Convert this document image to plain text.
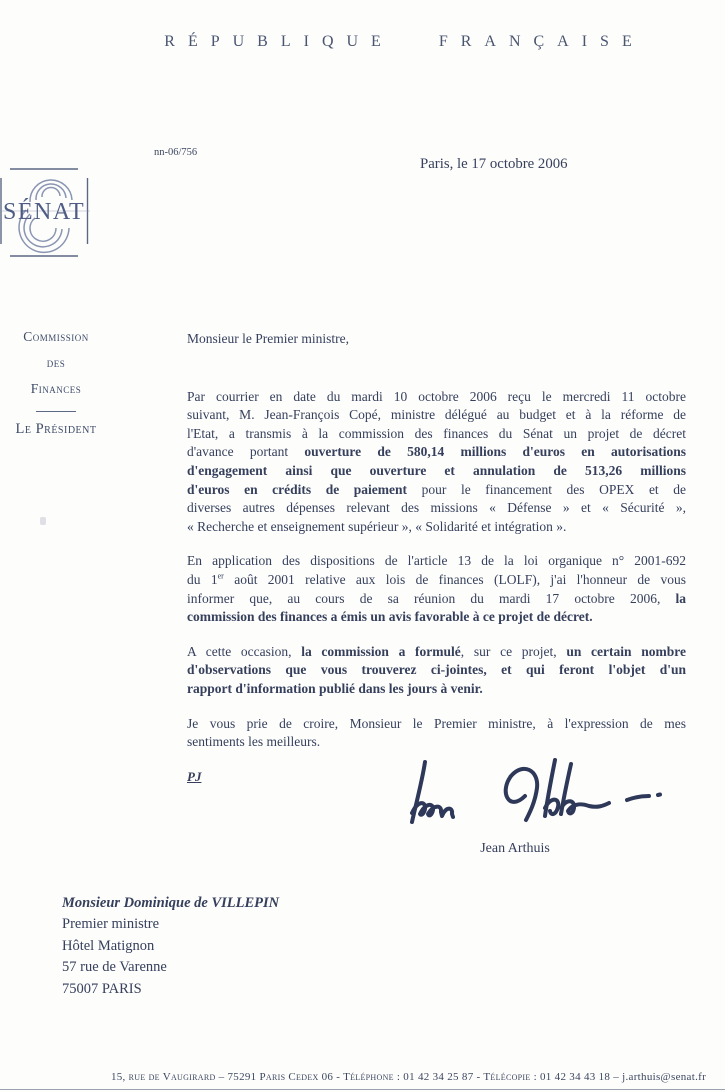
RÉPUBLIQUE FRANÇAISE
nn-06/756
Paris, le 17 octobre 2006
SÉNAT
Commission
des
Finances
Le Président
Monsieur le Premier ministre,
Par courrier en date du mardi 10 octobre 2006 reçu le mercredi 11 octobre
suivant, M. Jean-François Copé, ministre délégué au budget et à la réforme de
l'Etat, a transmis à la commission des finances du Sénat un projet de décret
d'avance portant ouverture de 580,14 millions d'euros en autorisations
d'engagement ainsi que ouverture et annulation de 513,26 millions
d'euros en crédits de paiement pour le financement des OPEX et de
diverses autres dépenses relevant des missions « Défense » et « Sécurité »,
« Recherche et enseignement supérieur », « Solidarité et intégration ».
En application des dispositions de l'article 13 de la loi organique n° 2001-692
du 1er août 2001 relative aux lois de finances (LOLF), j'ai l'honneur de vous
informer que, au cours de sa réunion du mardi 17 octobre 2006, la
commission des finances a émis un avis favorable à ce projet de décret.
A cette occasion, la commission a formulé, sur ce projet, un certain nombre
d'observations que vous trouverez ci-jointes, et qui feront l'objet d'un
rapport d'information publié dans les jours à venir.
Je vous prie de croire, Monsieur le Premier ministre, à l'expression de mes
sentiments les meilleurs.
PJ
Jean Arthuis
Monsieur Dominique de VILLEPIN
Premier ministre
Hôtel Matignon
57 rue de Varenne
75007 PARIS
15, rue de Vaugirard – 75291 Paris Cedex 06 - Téléphone : 01 42 34 25 87 - Télécopie : 01 42 34 43 18 – j.arthuis@senat.fr
